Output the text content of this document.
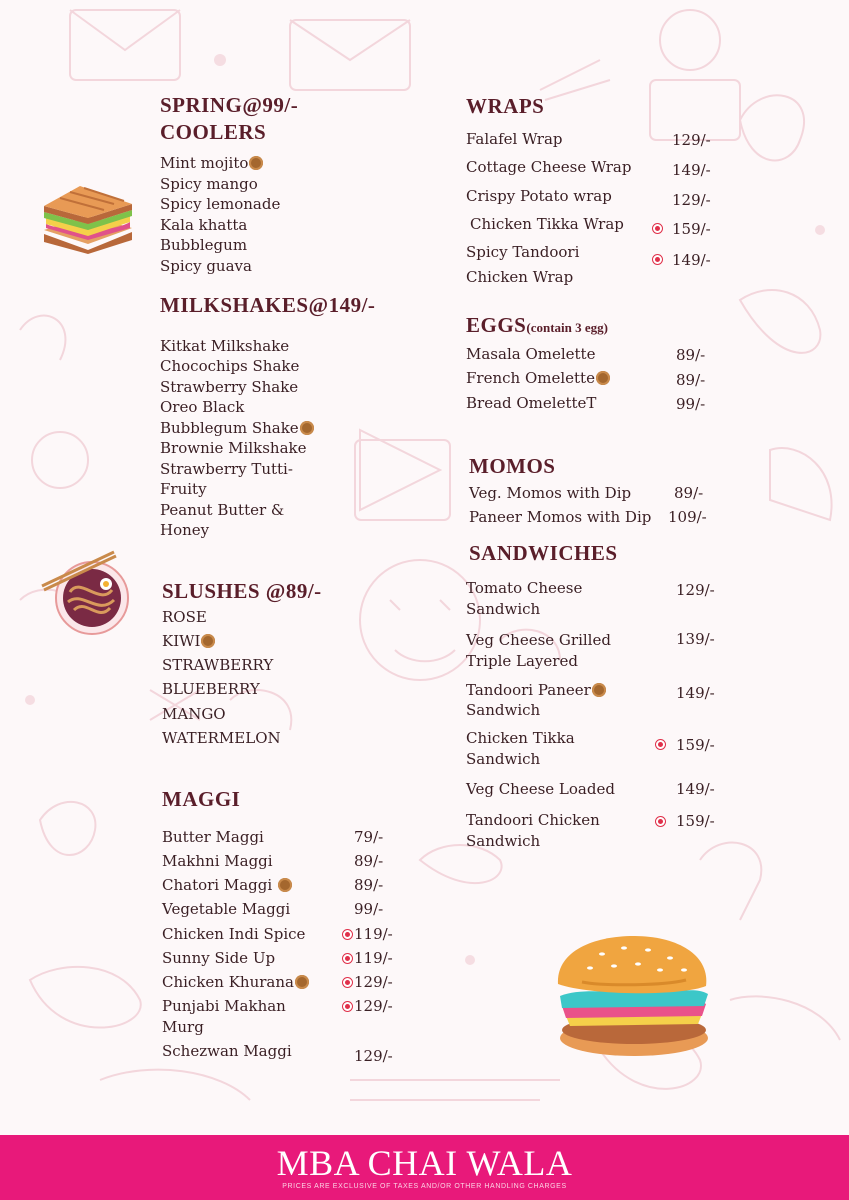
SPRING@99/-
COOLERS
Mint mojito
Spicy mango
Spicy lemonade
Kala khatta
Bubblegum
Spicy guava
MILKSHAKES@149/-
Kitkat Milkshake
Chocochips Shake
Strawberry Shake
Oreo Black
Bubblegum Shake
Brownie Milkshake
Strawberry Tutti-
Fruity
Peanut Butter &
Honey
SLUSHES @89/-
ROSE
KIWI
STRAWBERRY
BLUEBERRY
MANGO
WATERMELON
MAGGI
Butter Maggi	79/-
Makhni Maggi	89/-
Chatori Maggi	89/-
Vegetable Maggi	99/-
Chicken Indi Spice	119/-
Sunny Side Up	119/-
Chicken Khurana	129/-
Punjabi Makhan
Murg
129/-
Schezwan Maggi	129/-
WRAPS
Falafel Wrap	129/-
Cottage Cheese Wrap	149/-
Crispy Potato wrap	129/-
Chicken Tikka Wrap	159/-
Spicy Tandoori
Chicken Wrap
149/-
EGGS(contain 3 egg)
Masala Omelette	89/-
French Omelette	89/-
Bread OmeletteT	99/-
MOMOS
Veg. Momos with Dip	89/-
Paneer Momos with Dip 109/-
SANDWICHES
Tomato Cheese
Sandwich
129/-
Veg Cheese Grilled
Triple Layered
139/-
Tandoori Paneer
Sandwich
149/-
Chicken Tikka
Sandwich
159/-
Veg Cheese Loaded	149/-
Tandoori Chicken
Sandwich
159/-
MBA CHAI WALA
PRICES ARE EXCLUSIVE OF TAXES AND/OR OTHER HANDLING CHARGES
